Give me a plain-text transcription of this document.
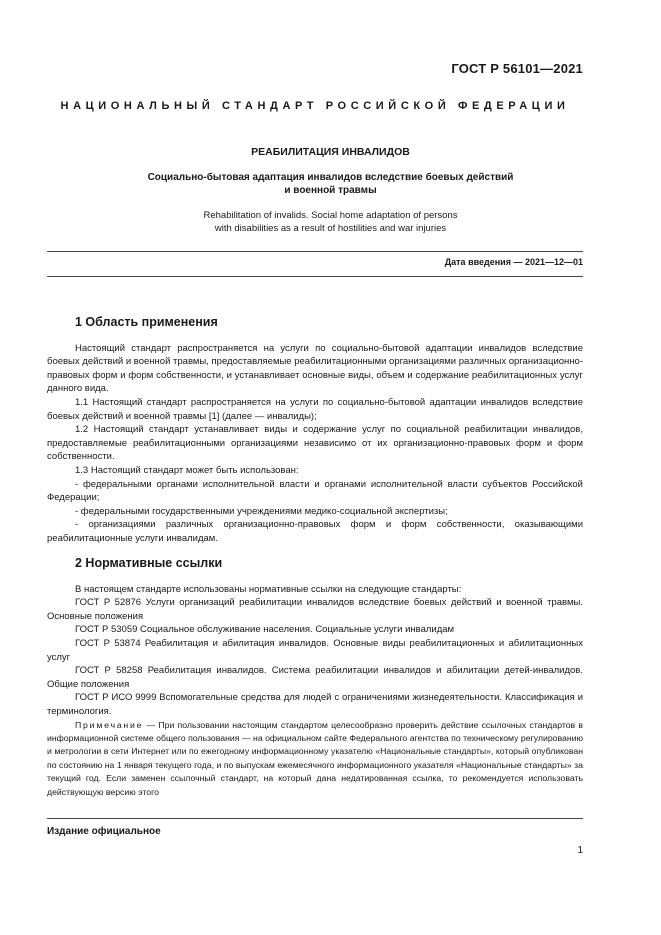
ГОСТ Р 56101—2021
НАЦИОНАЛЬНЫЙ СТАНДАРТ РОССИЙСКОЙ ФЕДЕРАЦИИ
РЕАБИЛИТАЦИЯ ИНВАЛИДОВ
Социально-бытовая адаптация инвалидов вследствие боевых действий
и военной травмы
Rehabilitation of invalids. Social home adaptation of persons
with disabilities as a result of hostilities and war injuries
Дата введения — 2021—12—01
1 Область применения

Настоящий стандарт распространяется на услуги по социально-бытовой адаптации инвалидов вследствие боевых действий и военной травмы, предоставляемые реабилитационными организациями различных организационно-правовых форм и форм собственности, и устанавливает основные виды, объем и содержание реабилитационных услуг данного вида.

1.1 Настоящий стандарт распространяется на услуги по социально-бытовой адаптации инвалидов вследствие боевых действий и военной травмы [1] (далее — инвалиды);

1.2 Настоящий стандарт устанавливает виды и содержание услуг по социальной реабилитации инвалидов, предоставляемые реабилитационными организациями независимо от их организационно-правовых форм и форм собственности.

1.3 Настоящий стандарт может быть использован:

- федеральными органами исполнительной власти и органами исполнительной власти субъектов Российской Федерации;

- федеральными государственными учреждениями медико-социальной экспертизы;

- организациями различных организационно-правовых форм и форм собственности, оказывающими реабилитационные услуги инвалидам.

2 Нормативные ссылки

В настоящем стандарте использованы нормативные ссылки на следующие стандарты:

ГОСТ Р 52876 Услуги организаций реабилитации инвалидов вследствие боевых действий и военной травмы. Основные положения

ГОСТ Р 53059 Социальное обслуживание населения. Социальные услуги инвалидам

ГОСТ Р 53874 Реабилитация и абилитация инвалидов. Основные виды реабилитационных и абилитационных услуг

ГОСТ Р 58258 Реабилитация инвалидов. Система реабилитации инвалидов и абилитации детей-инвалидов. Общие положения

ГОСТ Р ИСО 9999 Вспомогательные средства для людей с ограничениями жизнедеятельности. Классификация и терминология.

Примечание — При пользовании настоящим стандартом целесообразно проверить действие ссылочных стандартов в информационной системе общего пользования — на официальном сайте Федерального агентства по техническому регулированию и метрологии в сети Интернет или по ежегодному информационному указателю «Национальные стандарты», который опубликован по состоянию на 1 января текущего года, и по выпускам ежемесячного информационного указателя «Национальные стандарты» за текущий год. Если заменен ссылочный стандарт, на который дана недатированная ссылка, то рекомендуется использовать действующую версию этого

Издание официальное
1
